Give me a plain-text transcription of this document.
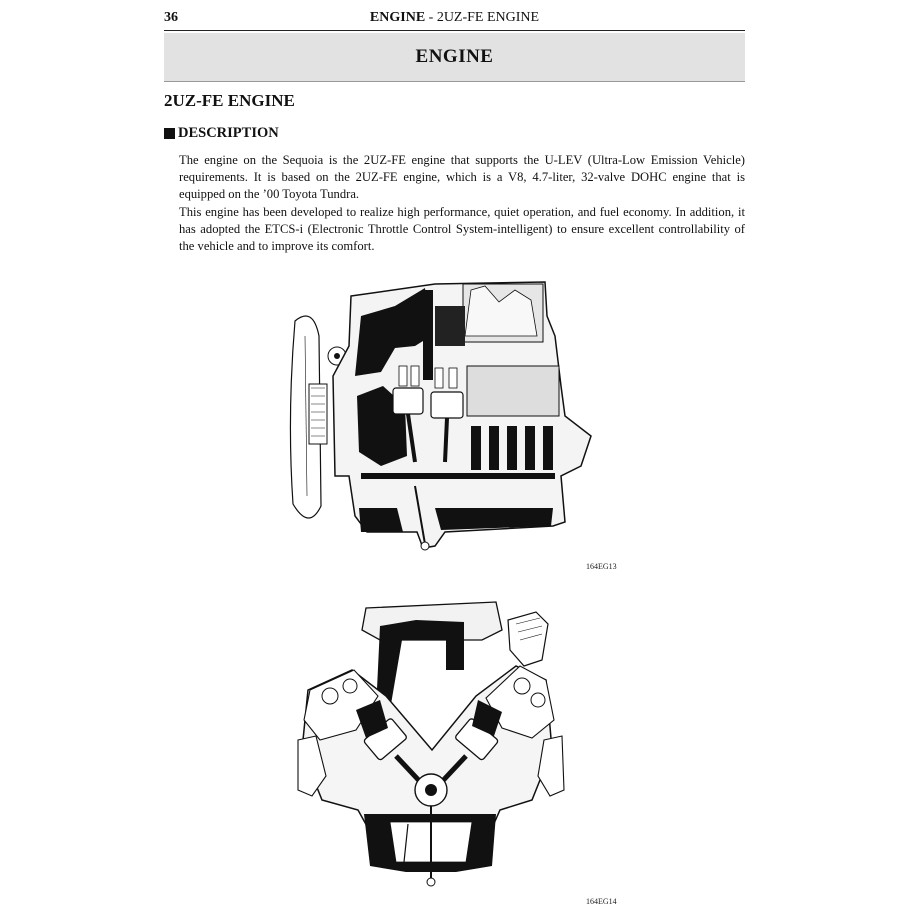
36	ENGINE - 2UZ-FE ENGINE
ENGINE
2UZ-FE ENGINE
DESCRIPTION

The engine on the Sequoia is the 2UZ-FE engine that supports the U-LEV (Ultra-Low Emission Vehicle) requirements. It is based on the 2UZ-FE engine, which is a V8, 4.7-liter, 32-valve DOHC engine that is equipped on the ’00 Toyota Tundra.

This engine has been developed to realize high performance, quiet operation, and fuel economy. In addition, it has adopted the ETCS-i (Electronic Throttle Control System-intelligent) to ensure excellent controllability of the vehicle and to improve its comfort.

164EG13
164EG14
